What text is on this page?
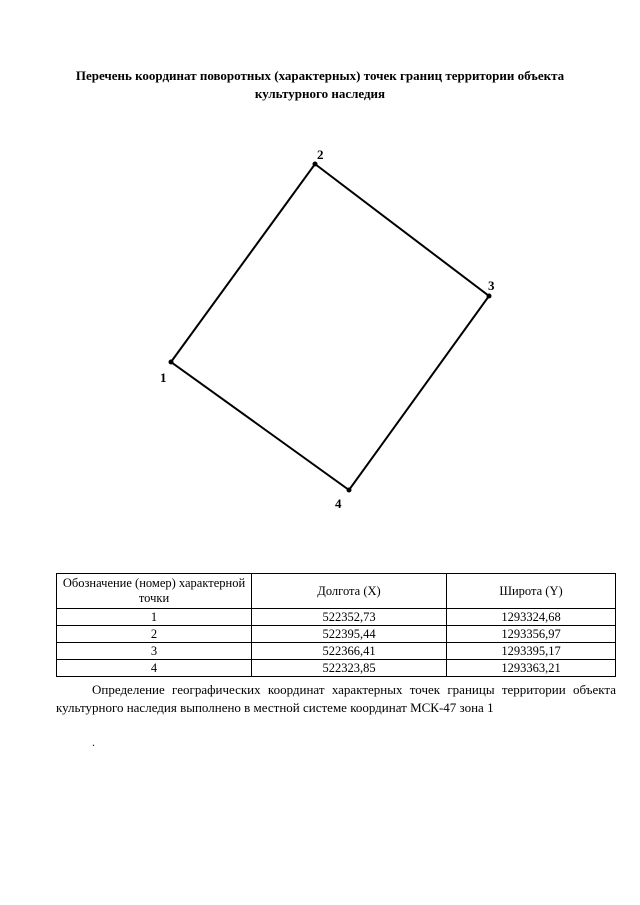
Перечень координат поворотных (характерных) точек границ территории объекта культурного наследия
1
2
3
4
Обозначение (номер) характерной точки	Долгота (X)	Широта (Y)
1	522352,73	1293324,68
2	522395,44	1293356,97
3	522366,41	1293395,17
4	522323,85	1293363,21
Определение географических координат характерных точек границы территории объекта культурного наследия выполнено в местной системе координат МСК-47 зона 1
.
